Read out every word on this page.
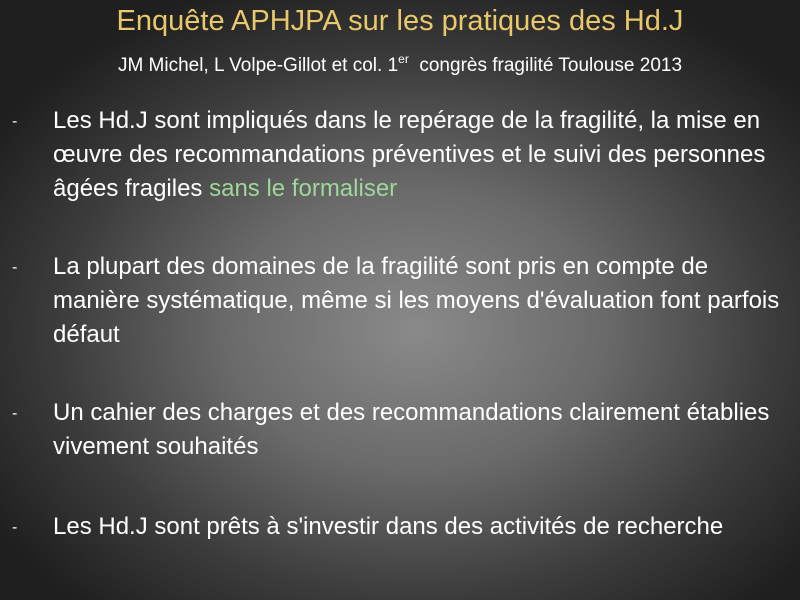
Enquête APHJPA sur les pratiques des Hd.J
JM Michel, L Volpe-Gillot et col. 1er  congrès fragilité Toulouse 2013
- Les Hd.J sont impliqués dans le repérage de la fragilité, la mise en œuvre des recommandations préventives et le suivi des personnes âgées fragiles sans le formaliser
- La plupart des domaines de la fragilité sont pris en compte de manière systématique, même si les moyens d'évaluation font parfois défaut
- Un cahier des charges et des recommandations clairement établies vivement souhaités
- Les Hd.J sont prêts à s'investir dans des activités de recherche
